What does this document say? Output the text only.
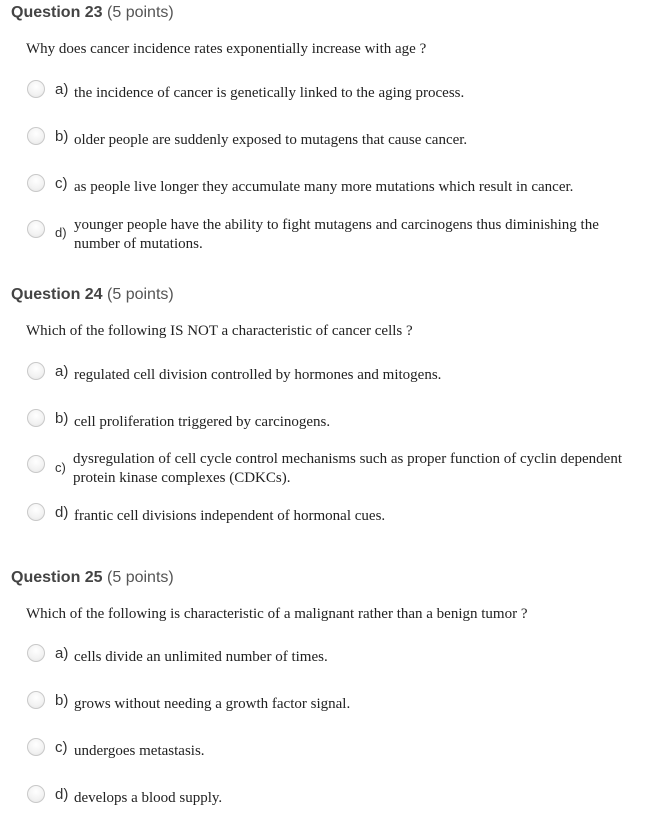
Question 23 (5 points)
Why does cancer incidence rates exponentially increase with age ?
a) the incidence of cancer is genetically linked to the aging process.
b) older people are suddenly exposed to mutagens that cause cancer.
c) as people live longer they accumulate many more mutations which result in cancer.
d) younger people have the ability to fight mutagens and carcinogens thus diminishing the number of mutations.
Question 24 (5 points)
Which of the following IS NOT a characteristic of cancer cells ?
a) regulated cell division controlled by hormones and mitogens.
b) cell proliferation triggered by carcinogens.
c)
dysregulation of cell cycle control mechanisms such as proper function of cyclin dependent protein kinase complexes (CDKCs).
d) frantic cell divisions independent of hormonal cues.
Question 25 (5 points)
Which of the following is characteristic of a malignant rather than a benign tumor ?
a) cells divide an unlimited number of times.
b) grows without needing a growth factor signal.
c) undergoes metastasis.
d) develops a blood supply.
